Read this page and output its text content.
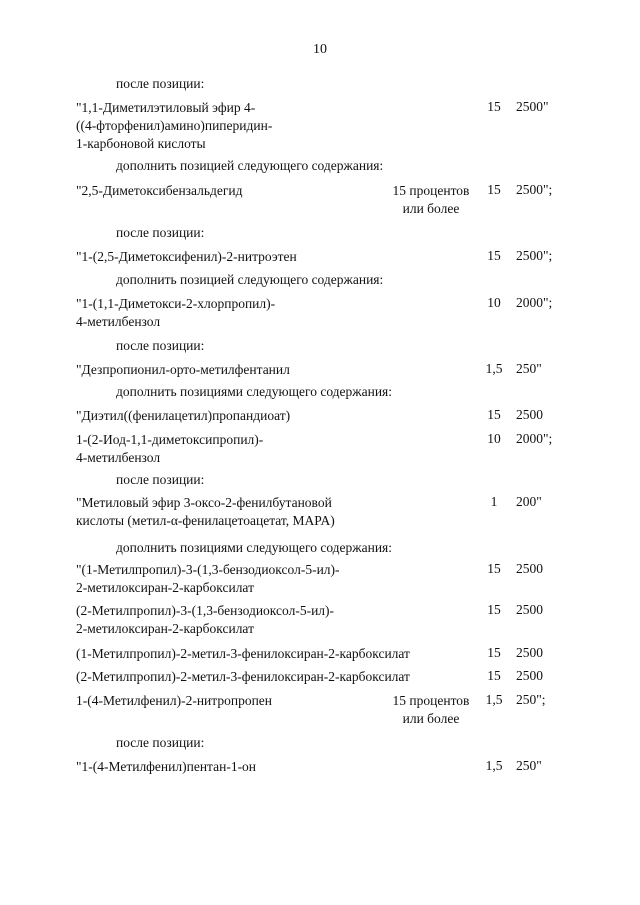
10
после позиции:
дополнить позицией следующего содержания:
после позиции:
дополнить позицией следующего содержания:
после позиции:
дополнить позициями следующего содержания:
после позиции:
дополнить позициями следующего содержания:
после позиции:
"1,1-Диметилэтиловый эфир 4-
((4-фторфенил)амино)пиперидин-
1-карбоновой кислоты
15	2500"
"2,5-Диметоксибензальдегид	15 процентов
или более
15	2500";
"1-(2,5-Диметоксифенил)-2-нитроэтен	15	2500";
"1-(1,1-Диметокси-2-хлорпропил)-
4-метилбензол
10	2000";
"Дезпропионил-орто-метилфентанил	1,5	250"
"Диэтил((фенилацетил)пропандиоат)	15	2500
1-(2-Иод-1,1-диметоксипропил)-
4-метилбензол
10	2000";
"Метиловый эфир 3-оксо-2-фенилбутановой
кислоты (метил-α-фенилацетоацетат, MAPA)
1	200"
"(1-Метилпропил)-3-(1,3-бензодиоксол-5-ил)-
2-метилоксиран-2-карбоксилат
15	2500
(2-Метилпропил)-3-(1,3-бензодиоксол-5-ил)-
2-метилоксиран-2-карбоксилат
15	2500
(1-Метилпропил)-2-метил-3-фенилоксиран-2-карбоксилат	15	2500
(2-Метилпропил)-2-метил-3-фенилоксиран-2-карбоксилат	15	2500
1-(4-Метилфенил)-2-нитропропен	15 процентов
или более
1,5	250";
"1-(4-Метилфенил)пентан-1-он	1,5	250"
